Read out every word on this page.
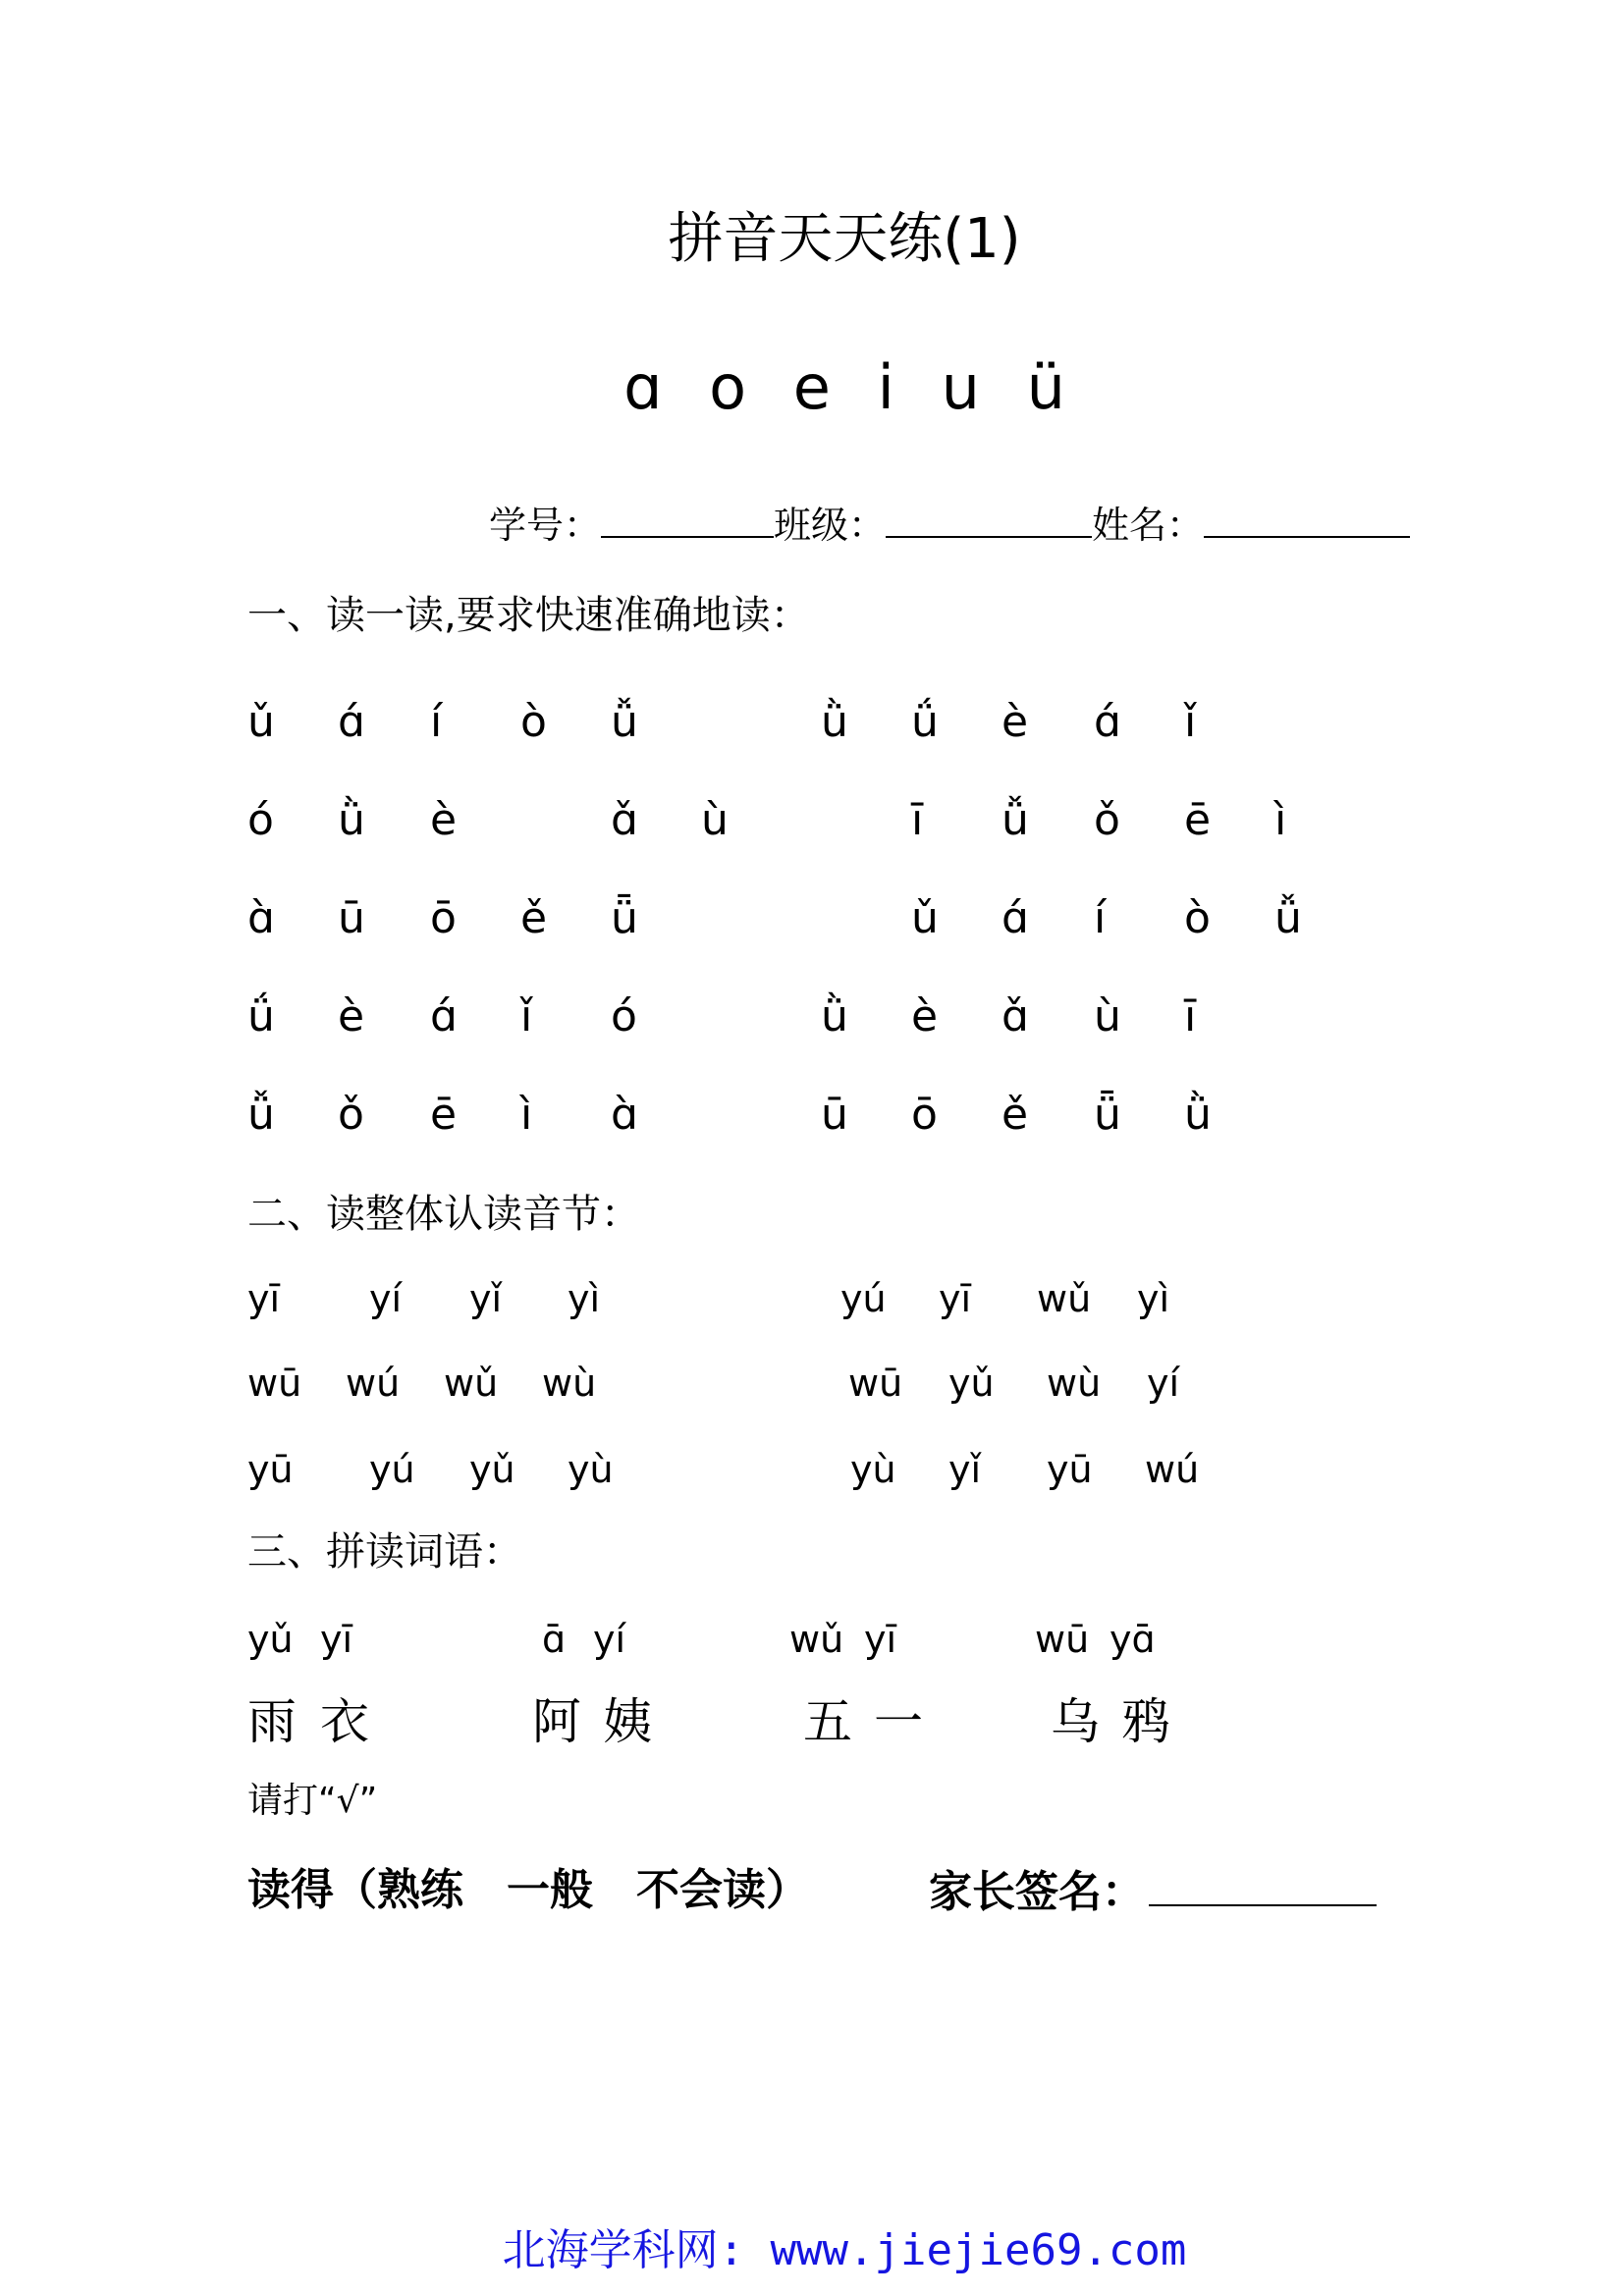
拼音天天练(1)
ɑ o e i u ü
学号：	班级：	姓名：
一、读一读,要求快速准确地读：
ǔ ɑ́ í ò ǚ	ǜ ǘ è ɑ́ ǐ
ó ǜ è	ɑ̌ ù	ī ǚ ǒ ē ì
ɑ̀ ū ō ě ǖ	ǔ ɑ́ í ò ǚ
ǘ è ɑ́ ǐ ó	ǜ è ɑ̌ ù ī
ǚ ǒ ē ì ɑ̀	ū ō ě ǖ ǜ
二、读整体认读音节：
yī yí yǐ yì	yú yī wǔ yì
wū wú wǔ wù	wū yǔ wù yí
yū yú yǔ yù	yù yǐ yū wú
三、拼读词语：
yǔ yī	ɑ̄ yí	wǔ yī	wū yɑ̄
雨 衣	阿 姨	五 一	乌 鸦
请打“√”
读得（熟练　一般　不会读）	家长签名：
北海学科网: www.jiejie69.com
